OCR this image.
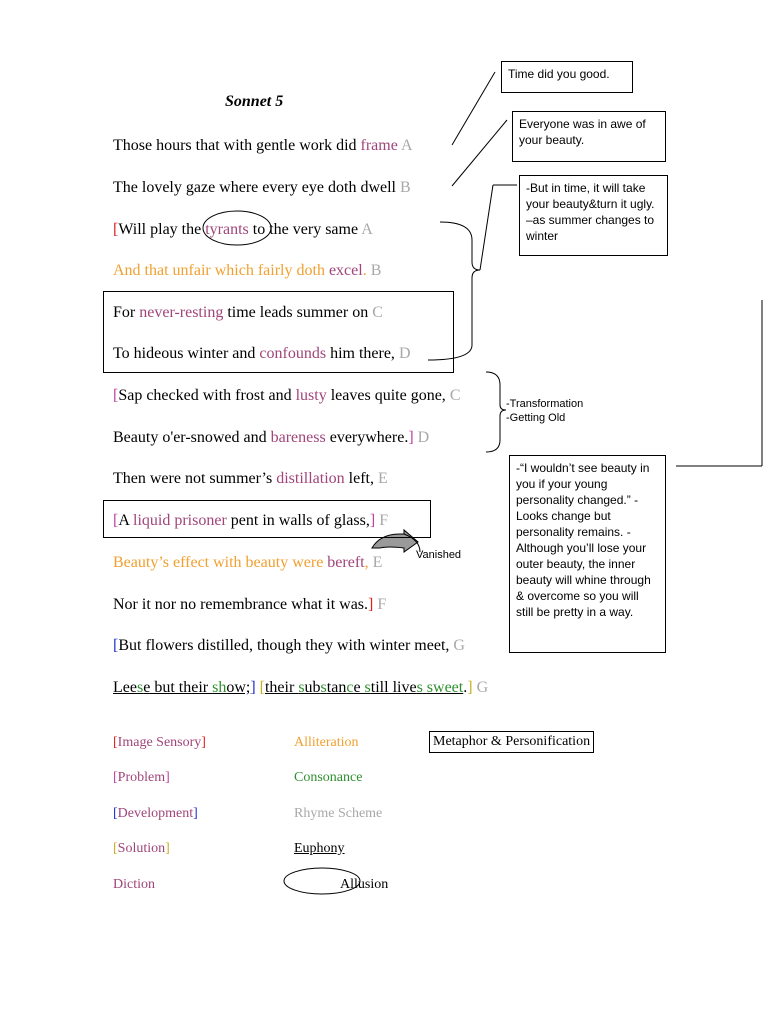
Sonnet 5
Those hours that with gentle work did frame A
The lovely gaze where every eye doth dwell B
[Will play the tyrants to the very same A
And that unfair which fairly doth excel. B
For never-resting time leads summer on C
To hideous winter and confounds him there, D
[Sap checked with frost and lusty leaves quite gone, C
Beauty o'er-snowed and bareness everywhere.] D
Then were not summer’s distillation left, E
[A liquid prisoner pent in walls of glass,] F
Beauty’s effect with beauty were bereft, E
Nor it nor no remembrance what it was.] F
[But flowers distilled, though they with winter meet, G
Leese but their show;] [their substance still lives sweet.] G
Time did you good.
Everyone was in awe of your beauty.
-But in time, it will take your beauty&turn it ugly. –as summer changes to winter
-Transformation
-Getting Old
-“I wouldn’t see beauty in you if your young personality changed.” -Looks change but personality remains. -Although you’ll lose your outer beauty, the inner beauty will whine through & overcome so you will still be pretty in a way.
Vanished
[Image Sensory]
[Problem]
[Development]
[Solution]
Diction
Alliteration
Consonance
Rhyme Scheme
Euphony
Allusion
Metaphor & Personification
